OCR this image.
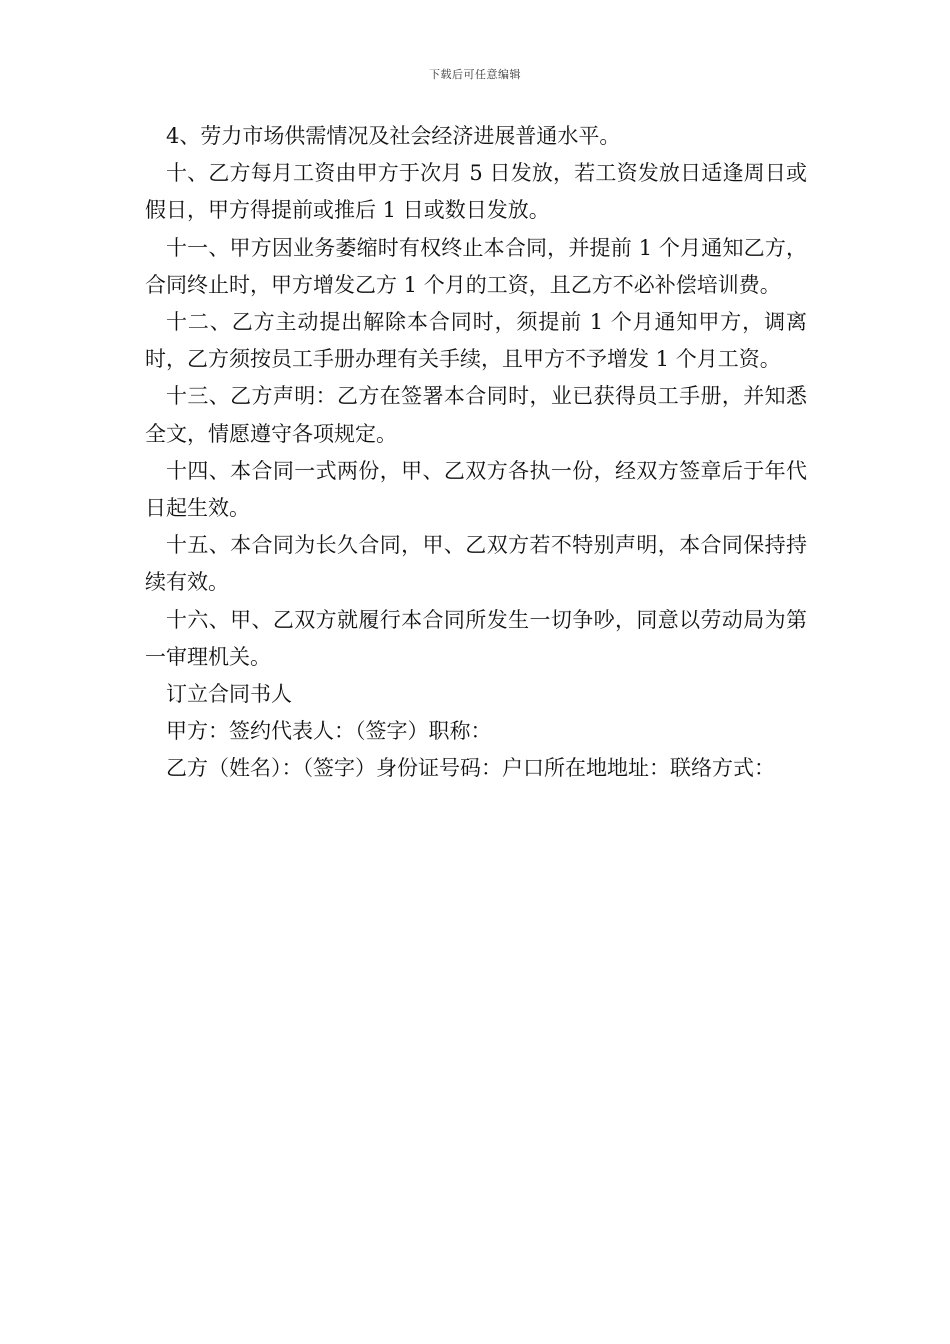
下载后可任意编辑

4、劳力市场供需情况及社会经济进展普通水平。

十、乙方每月工资由甲方于次月 5 日发放，若工资发放日适逢周日或假日，甲方得提前或推后 1 日或数日发放。

十一、甲方因业务萎缩时有权终止本合同，并提前 1 个月通知乙方，合同终止时，甲方增发乙方 1 个月的工资，且乙方不必补偿培训费。

十二、乙方主动提出解除本合同时，须提前 1 个月通知甲方，调离时，乙方须按员工手册办理有关手续，且甲方不予增发 1 个月工资。

十三、乙方声明：乙方在签署本合同时，业已获得员工手册，并知悉全文，情愿遵守各项规定。

十四、本合同一式两份，甲、乙双方各执一份，经双方签章后于年代日起生效。

十五、本合同为长久合同，甲、乙双方若不特别声明，本合同保持持续有效。

十六、甲、乙双方就履行本合同所发生一切争吵，同意以劳动局为第一审理机关。

订立合同书人

甲方：签约代表人：（签字）职称：

乙方（姓名）：（签字）身份证号码：户口所在地地址：联络方式：
